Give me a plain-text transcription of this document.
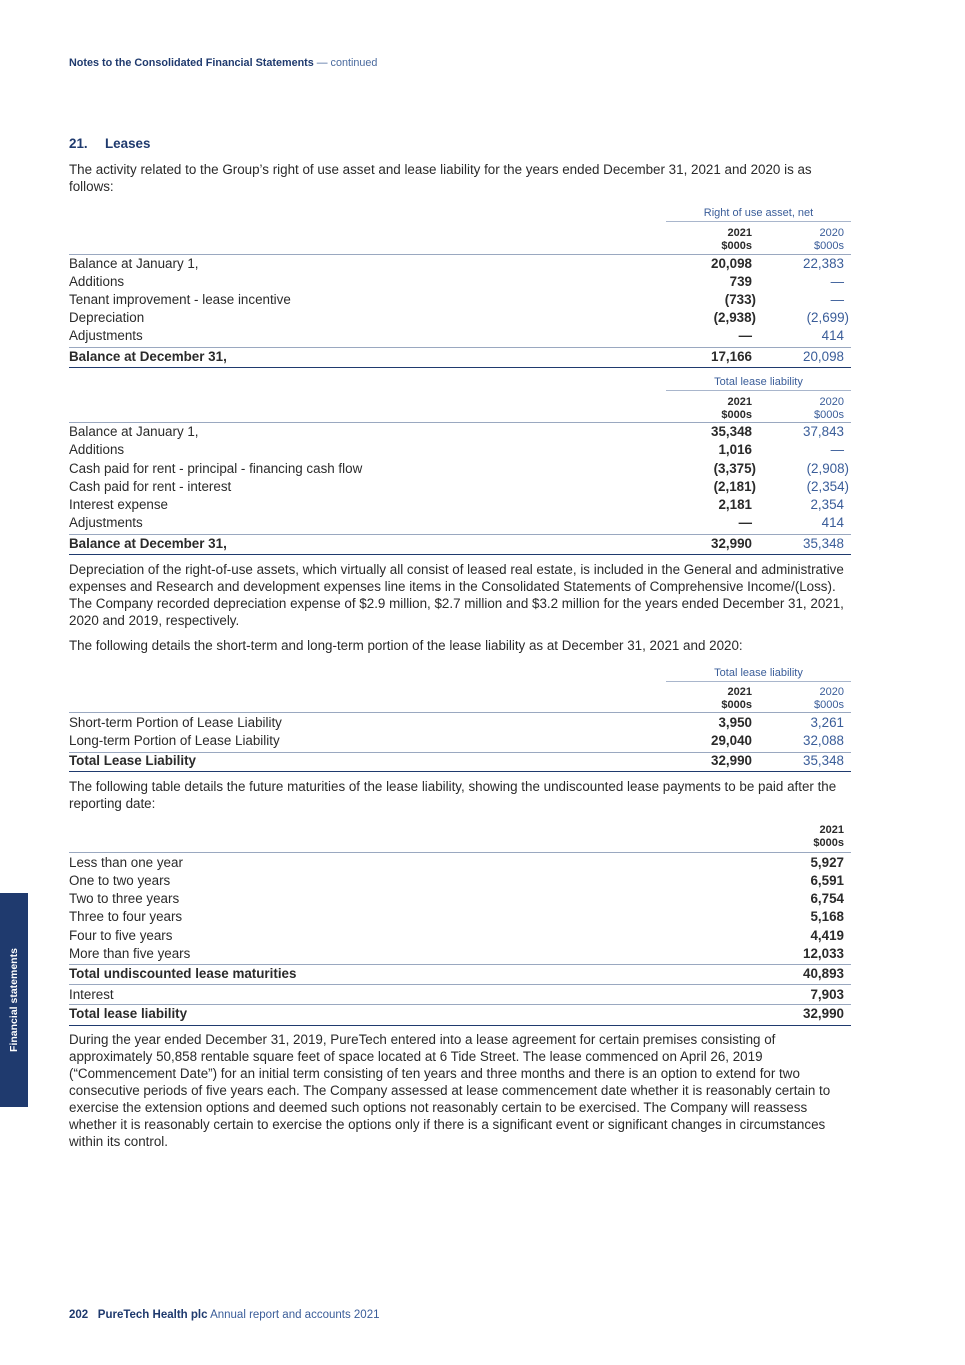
Notes to the Consolidated Financial Statements — continued
21. Leases
The activity related to the Group’s right of use asset and lease liability for the years ended December 31, 2021 and 2020 is as follows:
Right of use asset, net
2021
$000s
2020
$000s
Balance at January 1,	20,098	22,383
Additions	739	—
Tenant improvement - lease incentive	(733)	—
Depreciation	(2,938)	(2,699)
Adjustments	—	414
Balance at December 31,	17,166	20,098
Total lease liability
2021
$000s
2020
$000s
Balance at January 1,	35,348	37,843
Additions	1,016	—
Cash paid for rent - principal - financing cash flow	(3,375)	(2,908)
Cash paid for rent - interest	(2,181)	(2,354)
Interest expense	2,181	2,354
Adjustments	—	414
Balance at December 31,	32,990	35,348
Depreciation of the right-of-use assets, which virtually all consist of leased real estate, is included in the General and administrative expenses and Research and development expenses line items in the Consolidated Statements of Comprehensive Income/(Loss). The Company recorded depreciation expense of $2.9 million, $2.7 million and $3.2 million for the years ended December 31, 2021, 2020 and 2019, respectively.
The following details the short-term and long-term portion of the lease liability as at December 31, 2021 and 2020:
Total lease liability
2021
$000s
2020
$000s
Short-term Portion of Lease Liability	3,950	3,261
Long-term Portion of Lease Liability	29,040	32,088
Total Lease Liability	32,990	35,348
The following table details the future maturities of the lease liability, showing the undiscounted lease payments to be paid after the reporting date:
2021
$000s
Less than one year	5,927
One to two years	6,591
Two to three years	6,754
Three to four years	5,168
Four to five years	4,419
More than five years	12,033
Total undiscounted lease maturities	40,893
Interest	7,903
Total lease liability	32,990
During the year ended December 31, 2019, PureTech entered into a lease agreement for certain premises consisting of approximately 50,858 rentable square feet of space located at 6 Tide Street. The lease commenced on April 26, 2019 (“Commencement Date”) for an initial term consisting of ten years and three months and there is an option to extend for two consecutive periods of five years each. The Company assessed at lease commencement date whether it is reasonably certain to exercise the extension options and deemed such options not reasonably certain to be exercised. The Company will reassess whether it is reasonably certain to exercise the options only if there is a significant event or significant changes in circumstances within its control.
Financial statements
202 PureTech Health plc Annual report and accounts 2021
